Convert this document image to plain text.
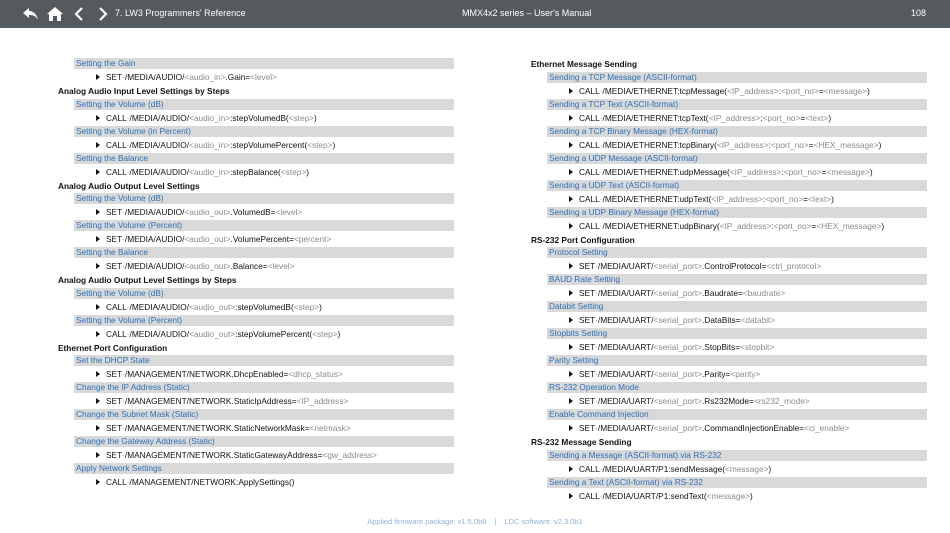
7. LW3 Programmers' Reference	MMX4x2 series – User's Manual	108
Setting the Gain
SET·/MEDIA/AUDIO/<audio_in>.Gain=<level>
Analog Audio Input Level Settings by Steps
Setting the Volume (dB)
CALL·/MEDIA/AUDIO/<audio_in>:stepVolumedB(<step>)
Setting the Volume (in Percent)
CALL·/MEDIA/AUDIO/<audio_in>:stepVolumePercent(<step>)
Setting the Balance
CALL·/MEDIA/AUDIO/<audio_in>:stepBalance(<step>)
Analog Audio Output Level Settings
Setting the Volume (dB)
SET·/MEDIA/AUDIO/<audio_out>.VolumedB=<level>
Setting the Volume (Percent)
SET·/MEDIA/AUDIO/<audio_out>.VolumePercent=<percent>
Setting the Balance
SET·/MEDIA/AUDIO/<audio_out>.Balance=<level>
Analog Audio Output Level Settings by Steps
Setting the Volume (dB)
CALL·/MEDIA/AUDIO/<audio_out>:stepVolumedB(<step>)
Setting the Volume (Percent)
CALL·/MEDIA/AUDIO/<audio_out>:stepVolumePercent(<step>)
Ethernet Port Configuration
Set the DHCP State
SET·/MANAGEMENT/NETWORK.DhcpEnabled=<dhcp_status>
Change the IP Address (Static)
SET·/MANAGEMENT/NETWORK.StaticIpAddress=<IP_address>
Change the Subnet Mask (Static)
SET·/MANAGEMENT/NETWORK.StaticNetworkMask=<netmask>
Change the Gateway Address (Static)
SET·/MANAGEMENT/NETWORK.StaticGatewayAddress=<gw_address>
Apply Network Settings
CALL·/MANAGEMENT/NETWORK:ApplySettings()
Ethernet Message Sending
Sending a TCP Message (ASCII-format)
CALL·/MEDIA/ETHERNET:tcpMessage(<IP_address>:<port_no>=<message>)
Sending a TCP Text (ASCII-format)
CALL·/MEDIA/ETHERNET:tcpText(<IP_address>:<port_no>=<text>)
Sending a TCP Binary Message (HEX-format)
CALL·/MEDIA/ETHERNET:tcpBinary(<IP_address>:<port_no>=<HEX_message>)
Sending a UDP Message (ASCII-format)
CALL·/MEDIA/ETHERNET:udpMessage(<IP_address>:<port_no>=<message>)
Sending a UDP Text (ASCII-format)
CALL·/MEDIA/ETHERNET:udpText(<IP_address>:<port_no>=<text>)
Sending a UDP Binary Message (HEX-format)
CALL·/MEDIA/ETHERNET:udpBinary(<IP_address>:<port_no>=<HEX_message>)
RS-232 Port Configuration
Protocol Setting
SET·/MEDIA/UART/<serial_port>.ControlProtocol=<ctrl_protocol>
BAUD Rate Setting
SET·/MEDIA/UART/<serial_port>.Baudrate=<baudrate>
Databit Setting
SET·/MEDIA/UART/<serial_port>.DataBits=<databit>
Stopbits Setting
SET·/MEDIA/UART/<serial_port>.StopBits=<stopbit>
Parity Setting
SET·/MEDIA/UART/<serial_port>.Parity=<parity>
RS-232 Operation Mode
SET·/MEDIA/UART/<serial_port>.Rs232Mode=<rs232_mode>
Enable Command Injection
SET·/MEDIA/UART/<serial_port>.CommandInjectionEnable=<ci_enable>
RS-232 Message Sending
Sending a Message (ASCII-format) via RS-232
CALL·/MEDIA/UART/P1:sendMessage(<message>)
Sending a Text (ASCII-format) via RS-232
CALL·/MEDIA/UART/P1:sendText(<message>)
Applied firmware package: v1.5.0b8 | LDC software: v2.3.0b1
